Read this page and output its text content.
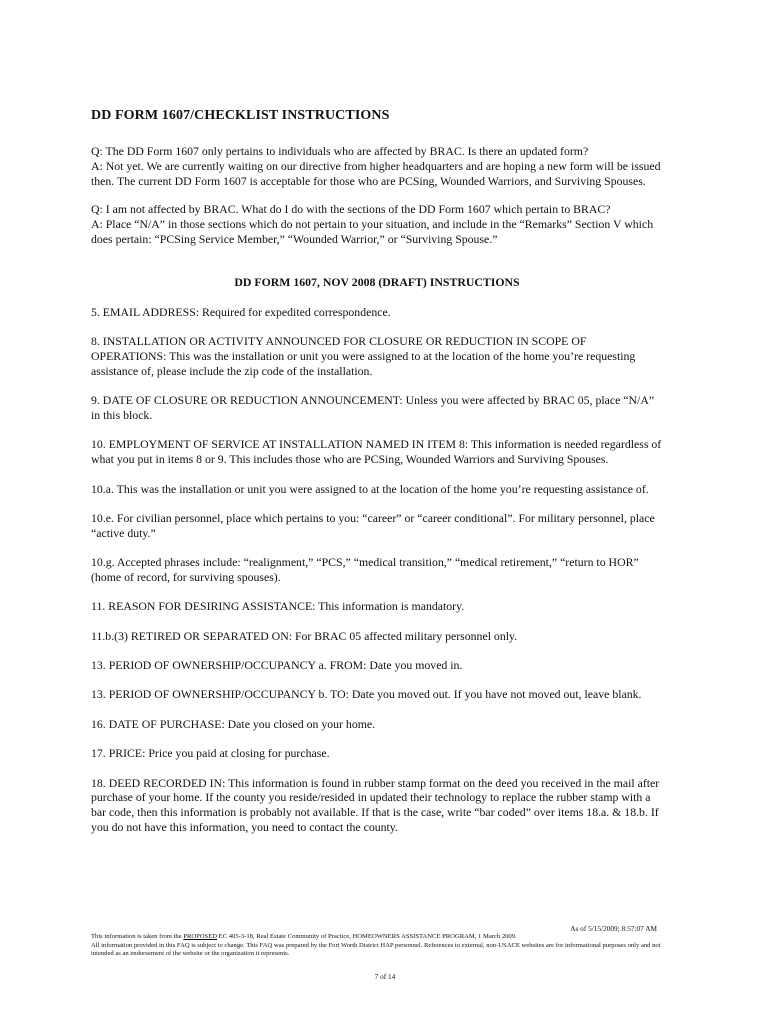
DD FORM 1607/CHECKLIST INSTRUCTIONS

Q: The DD Form 1607 only pertains to individuals who are affected by BRAC. Is there an updated form?

A: Not yet. We are currently waiting on our directive from higher headquarters and are hoping a new form will be issued then. The current DD Form 1607 is acceptable for those who are PCSing, Wounded Warriors, and Surviving Spouses.

Q: I am not affected by BRAC. What do I do with the sections of the DD Form 1607 which pertain to BRAC?

A: Place “N/A” in those sections which do not pertain to your situation, and include in the “Remarks” Section V which does pertain: “PCSing Service Member,” “Wounded Warrior,” or “Surviving Spouse.”

DD FORM 1607, NOV 2008 (DRAFT) INSTRUCTIONS
5. EMAIL ADDRESS: Required for expedited correspondence.
8. INSTALLATION OR ACTIVITY ANNOUNCED FOR CLOSURE OR REDUCTION IN SCOPE OF OPERATIONS: This was the installation or unit you were assigned to at the location of the home you’re requesting assistance of, please include the zip code of the installation.
9. DATE OF CLOSURE OR REDUCTION ANNOUNCEMENT: Unless you were affected by BRAC 05, place “N/A” in this block.
10. EMPLOYMENT OF SERVICE AT INSTALLATION NAMED IN ITEM 8: This information is needed regardless of what you put in items 8 or 9. This includes those who are PCSing, Wounded Warriors and Surviving Spouses.
10.a. This was the installation or unit you were assigned to at the location of the home you’re requesting assistance of.
10.e. For civilian personnel, place which pertains to you: “career” or “career conditional”. For military personnel, place “active duty.”
10.g. Accepted phrases include: “realignment,” “PCS,” “medical transition,” “medical retirement,” “return to HOR” (home of record, for surviving spouses).
11. REASON FOR DESIRING ASSISTANCE: This information is mandatory.
11.b.(3) RETIRED OR SEPARATED ON: For BRAC 05 affected military personnel only.
13. PERIOD OF OWNERSHIP/OCCUPANCY a. FROM: Date you moved in.
13. PERIOD OF OWNERSHIP/OCCUPANCY b. TO: Date you moved out. If you have not moved out, leave blank.
16. DATE OF PURCHASE: Date you closed on your home.
17. PRICE: Price you paid at closing for purchase.
18. DEED RECORDED IN: This information is found in rubber stamp format on the deed you received in the mail after purchase of your home. If the county you reside/resided in updated their technology to replace the rubber stamp with a bar code, then this information is probably not available. If that is the case, write “bar coded” over items 18.a. & 18.b. If you do not have this information, you need to contact the county.
As of 5/15/2009; 8:57:07 AM
This information is taken from the PROPOSED EC 405-3-18, Real Estate Community of Practice, HOMEOWNERS ASSISTANCE PROGRAM, 1 March 2009.
All information provided in this FAQ is subject to change. This FAQ was prepared by the Fort Worth District HAP personnel. References to external, non-USACE websites are for informational purposes only and not intended as an endorsement of the website or the organization it represents.
7 of 14
